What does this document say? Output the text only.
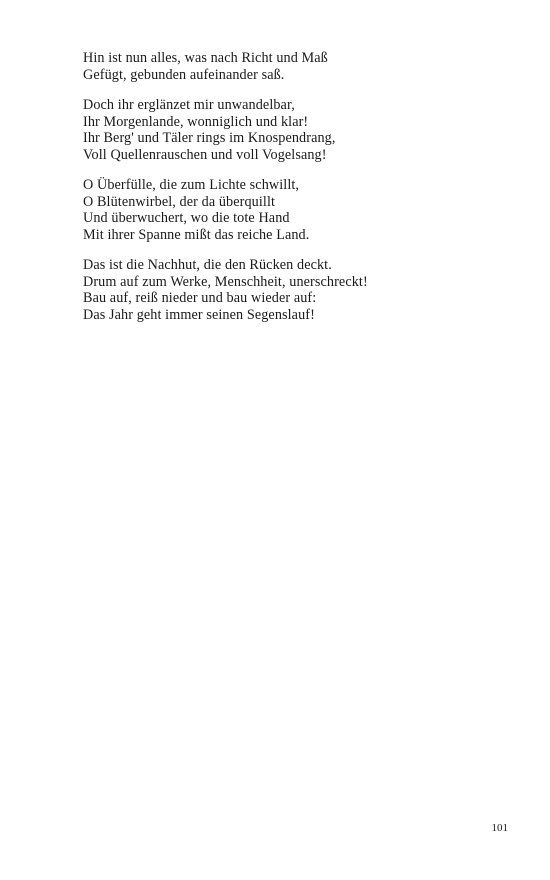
Hin ist nun alles, was nach Richt und Maß
Gefügt, gebunden aufeinander saß.
Doch ihr erglänzet mir unwandelbar,
Ihr Morgenlande, wonniglich und klar!
Ihr Berg' und Täler rings im Knospendrang,
Voll Quellenrauschen und voll Vogelsang!
O Überfülle, die zum Lichte schwillt,
O Blütenwirbel, der da überquillt
Und überwuchert, wo die tote Hand
Mit ihrer Spanne mißt das reiche Land.
Das ist die Nachhut, die den Rücken deckt.
Drum auf zum Werke, Menschheit, unerschreckt!
Bau auf, reiß nieder und bau wieder auf:
Das Jahr geht immer seinen Segenslauf!
101
